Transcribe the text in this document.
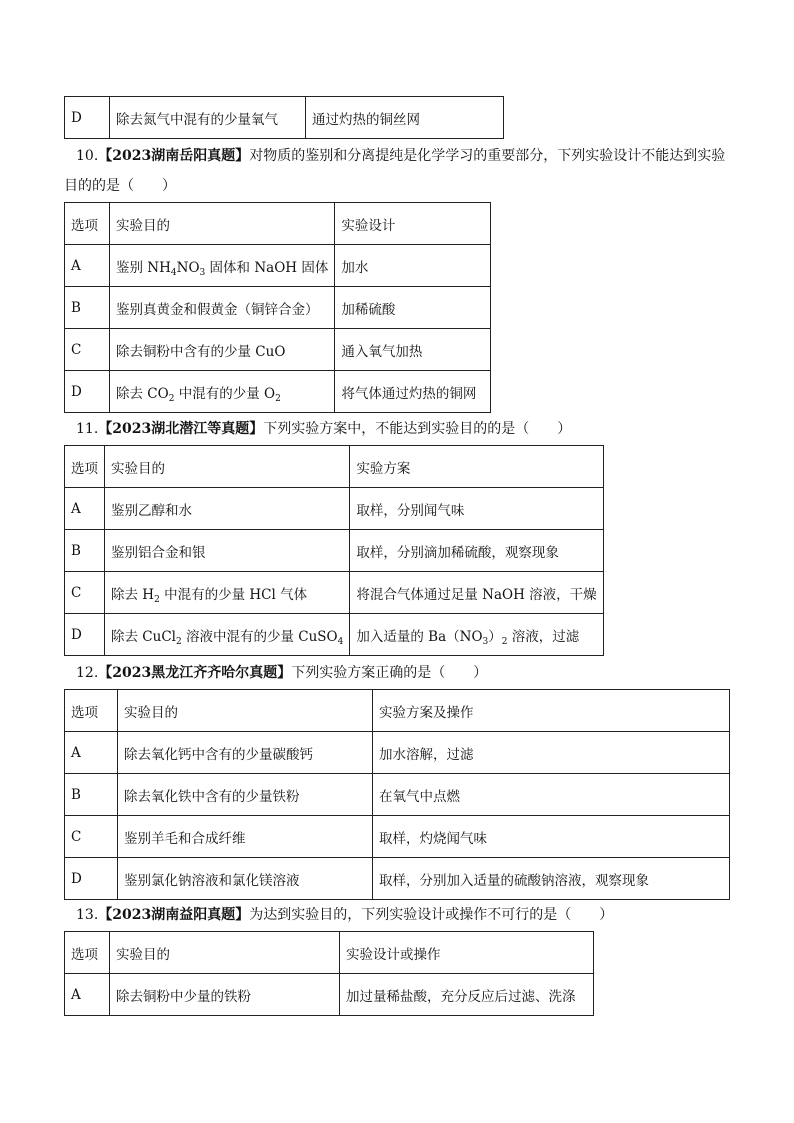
D	除去氮气中混有的少量氧气	通过灼热的铜丝网
10.【2023湖南岳阳真题】对物质的鉴别和分离提纯是化学学习的重要部分，下列实验设计不能达到实验
目的的是（　　）
选项	实验目的	实验设计
A	鉴别 $NH_4NO_3$ 固体和 NaOH 固体	加水
B	鉴别真黄金和假黄金（铜锌合金）	加稀硫酸
C	除去铜粉中含有的少量 CuO	通入氧气加热
D	除去 $CO_2$ 中混有的少量 $O_2$	将气体通过灼热的铜网
11.【2023湖北潜江等真题】下列实验方案中，不能达到实验目的的是（　　）
选项	实验目的	实验方案
A	鉴别乙醇和水	取样，分别闻气味
B	鉴别铝合金和银	取样，分别滴加稀硫酸，观察现象
C	除去 $H_2$ 中混有的少量 HCl 气体	将混合气体通过足量 NaOH 溶液，干燥
D	除去 CuCl$_2$ 溶液中混有的少量 CuSO$_4$	加入适量的 $Ba(NO_3)_2$ 溶液，过滤
12.【2023黑龙江齐齐哈尔真题】下列实验方案正确的是（　　）
选项	实验目的	实验方案及操作
A	除去氧化钙中含有的少量碳酸钙	加水溶解，过滤
B	除去氧化铁中含有的少量铁粉	在氧气中点燃
C	鉴别羊毛和合成纤维	取样，灼烧闻气味
D	鉴别氯化钠溶液和氯化镁溶液	取样，分别加入适量的硫酸钠溶液，观察现象
13.【2023湖南益阳真题】为达到实验目的，下列实验设计或操作不可行的是（　　）
选项	实验目的	实验设计或操作
A	除去铜粉中少量的铁粉	加过量稀盐酸，充分反应后过滤、洗涤
